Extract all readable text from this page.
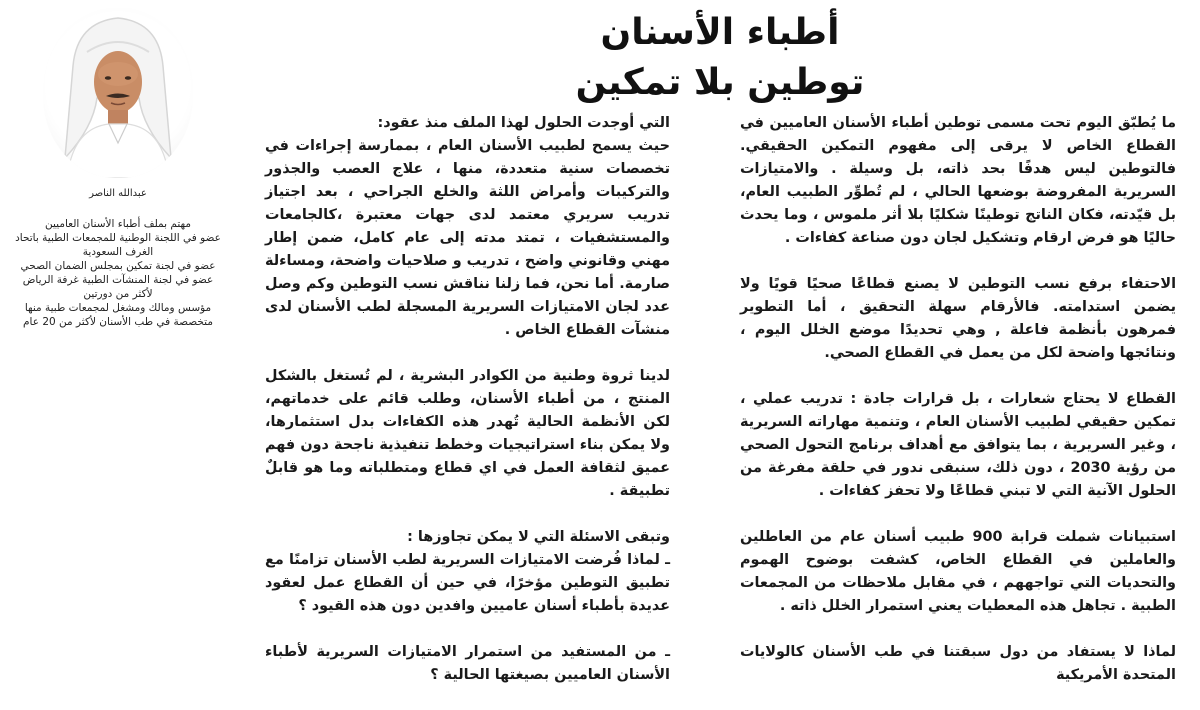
أطباء الأسنان
توطين بلا تمكين

ما يُطبّق اليوم تحت مسمى توطين أطباء الأسنان العاميين في القطاع الخاص لا يرقى إلى مفهوم التمكين الحقيقي. فالتوطين ليس هدفًا بحد ذاته، بل وسيلة . والامتيازات السريرية المفروضة بوضعها الحالي ، لم تُطوِّر الطبيب العام، بل قيّدته، فكان الناتج توطينًا شكليًا بلا أثر ملموس ، وما يحدث حاليًا هو فرض ارقام وتشكيل لجان دون صناعة كفاءات .

الاحتفاء برفع نسب التوطين لا يصنع قطاعًا صحيًا قويًا ولا يضمن استدامته. فالأرقام سهلة التحقيق ، أما التطوير فمرهون بأنظمة فاعلة , وهي تحديدًا موضع الخلل اليوم ، ونتائجها واضحة لكل من يعمل في القطاع الصحي.

القطاع لا يحتاج شعارات ، بل قرارات جادة : تدريب عملي ، تمكين حقيقي لطبيب الأسنان العام ، وتنمية مهاراته السريرية ، وغير السريرية ، بما يتوافق مع أهداف برنامج التحول الصحي من رؤية 2030 ، دون ذلك، سنبقى ندور في حلقة مفرغة من الحلول الآنية التي لا تبني قطاعًا ولا تحفز كفاءات .

استبيانات شملت قرابة 900 طبيب أسنان عام من العاطلين والعاملين في القطاع الخاص، كشفت بوضوح الهموم والتحديات التي تواجههم ، في مقابل ملاحظات من المجمعات الطبية . تجاهل هذه المعطيات يعني استمرار الخلل ذاته .

لماذا لا يستفاد من دول سبقتنا في طب الأسنان كالولايات المتحدة الأمريكية

التي أوجدت الحلول لهذا الملف منذ عقود:

حيث يسمح لطبيب الأسنان العام ، بممارسة إجراءات في تخصصات سنية متعددة، منها ، علاج العصب والجذور والتركيبات وأمراض اللثة والخلع الجراحي ، بعد اجتياز تدريب سريري معتمد لدى جهات معتبرة ،كالجامعات والمستشفيات ، تمتد مدته إلى عام كامل، ضمن إطار مهني وقانوني واضح ، تدريب و صلاحيات واضحة، ومساءلة صارمة. أما نحن، فما زلنا نناقش نسب التوطين وكم وصل عدد لجان الامتيازات السريرية المسجلة لطب الأسنان لدى منشآت القطاع الخاص .

لدينا ثروة وطنية من الكوادر البشرية ، لم تُستغل بالشكل المنتج ، من أطباء الأسنان، وطلب قائم على خدماتهم، لكن الأنظمة الحالية تُهدر هذه الكفاءات بدل استثمارها، ولا يمكن بناء استراتيجيات وخطط تنفيذية ناجحة دون فهم عميق لثقافة العمل في اي قطاع ومتطلباته وما هو قابلٌ تطبيقة .

وتبقى الاسئلة التي لا يمكن تجاوزها :

ـ لماذا فُرضت الامتيازات السريرية لطب الأسنان تزامنًا مع تطبيق التوطين مؤخرًا، في حين أن القطاع عمل لعقود عديدة بأطباء أسنان عاميين وافدين دون هذه القيود ؟
ـ من المستفيد من استمرار الامتيازات السريرية لأطباء الأسنان العاميين بصيغتها الحالية ؟
عبدالله الناصر

مهتم بملف أطباء الأسنان العاميين

عضو في اللجنة الوطنية للمجمعات الطبية باتحاد الغرف السعودية

عضو في لجنة تمكين بمجلس الضمان الصحي

عضو في لجنة المنشآت الطبية غرفة الرياض لأكثر من دورتين

مؤسس ومالك ومشغل لمجمعات طبية منها متخصصة في طب الأسنان لأكثر من 20 عام
